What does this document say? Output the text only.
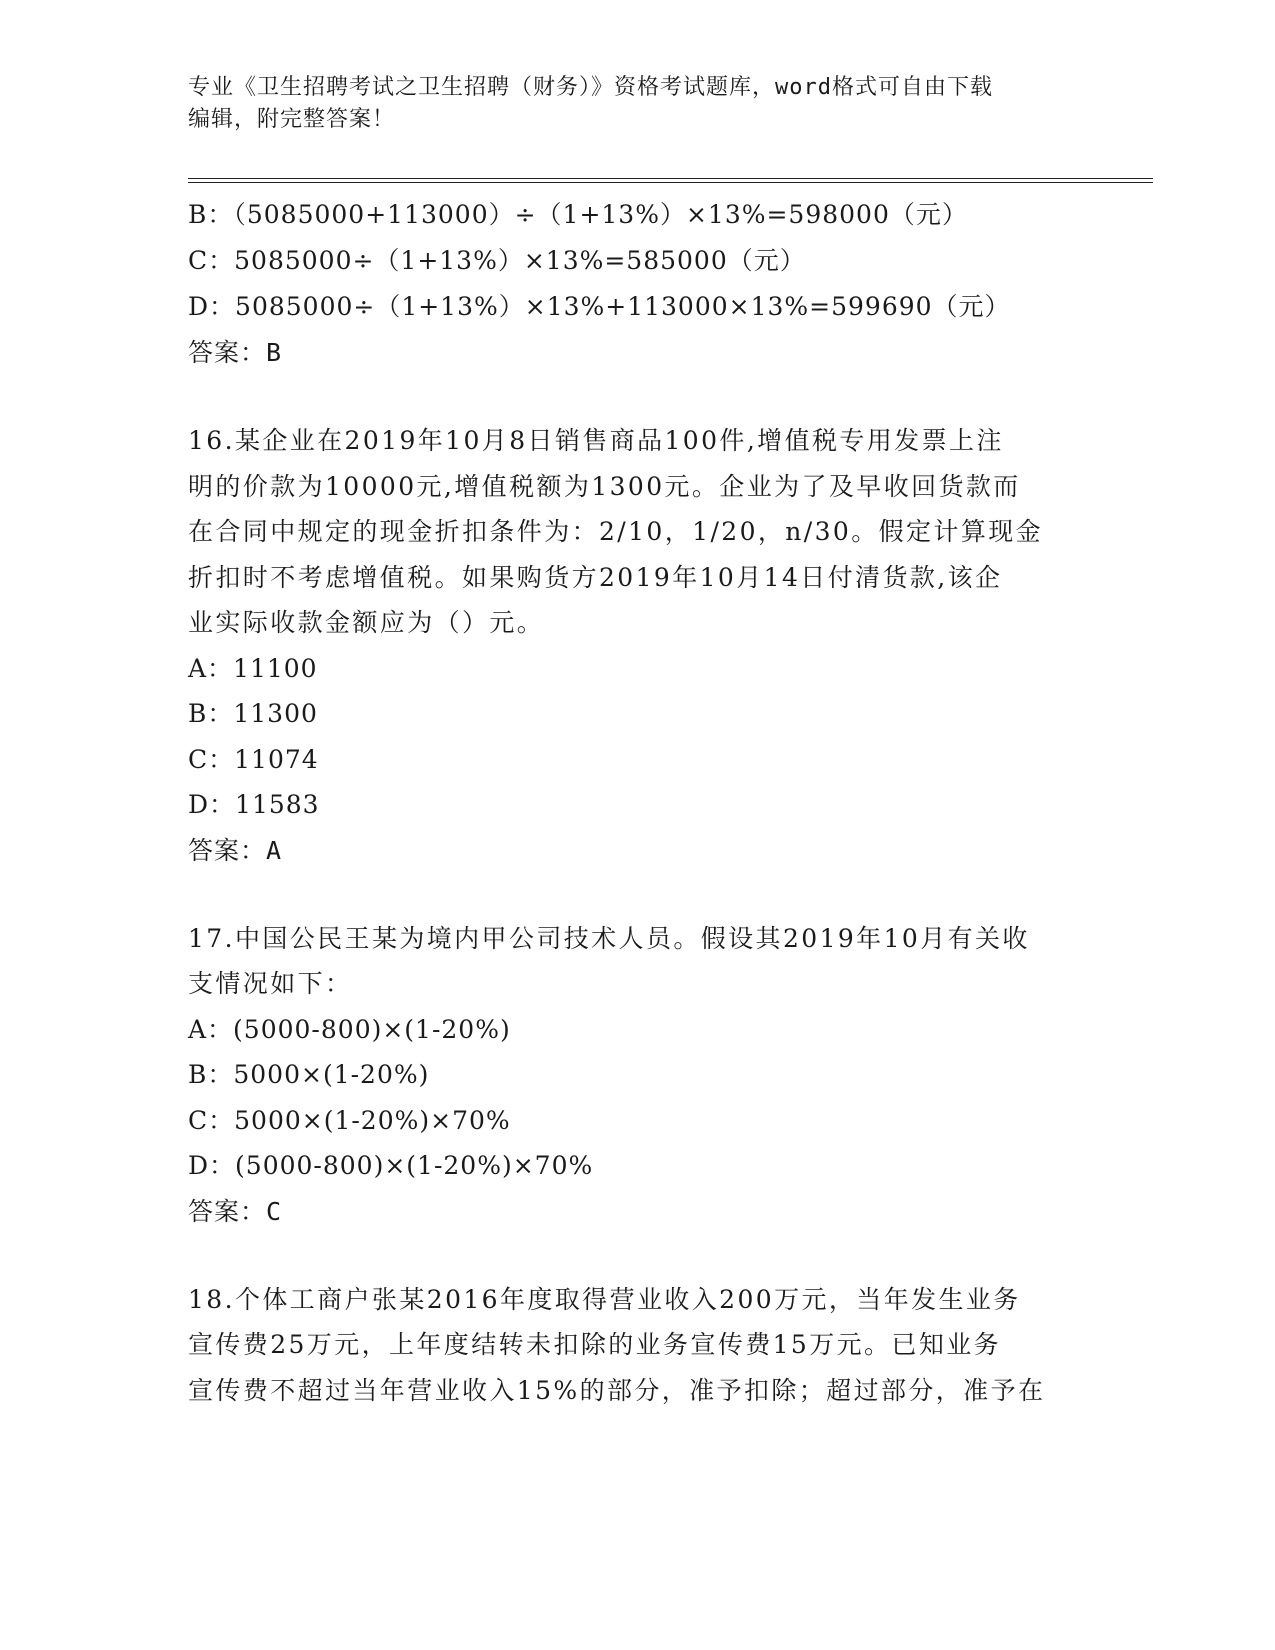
专业《卫生招聘考试之卫生招聘（财务）》资格考试题库，word格式可自由下载
编辑，附完整答案！
B：（5085000+113000）÷（1+13%）×13%=598000（元）
C：5085000÷（1+13%）×13%=585000（元）
D：5085000÷（1+13%）×13%+113000×13%=599690（元）
答案：B
16.某企业在2019年10月8日销售商品100件,增值税专用发票上注
明的价款为10000元,增值税额为1300元。企业为了及早收回货款而
在合同中规定的现金折扣条件为：2/10，1/20，n/30。假定计算现金
折扣时不考虑增值税。如果购货方2019年10月14日付清货款,该企
业实际收款金额应为（）元。
A：11100
B：11300
C：11074
D：11583
答案：A
17.中国公民王某为境内甲公司技术人员。假设其2019年10月有关收
支情况如下：
A：(5000-800)×(1-20%)
B：5000×(1-20%)
C：5000×(1-20%)×70%
D：(5000-800)×(1-20%)×70%
答案：C
18.个体工商户张某2016年度取得营业收入200万元，当年发生业务
宣传费25万元，上年度结转未扣除的业务宣传费15万元。已知业务
宣传费不超过当年营业收入15%的部分，准予扣除；超过部分，准予在
